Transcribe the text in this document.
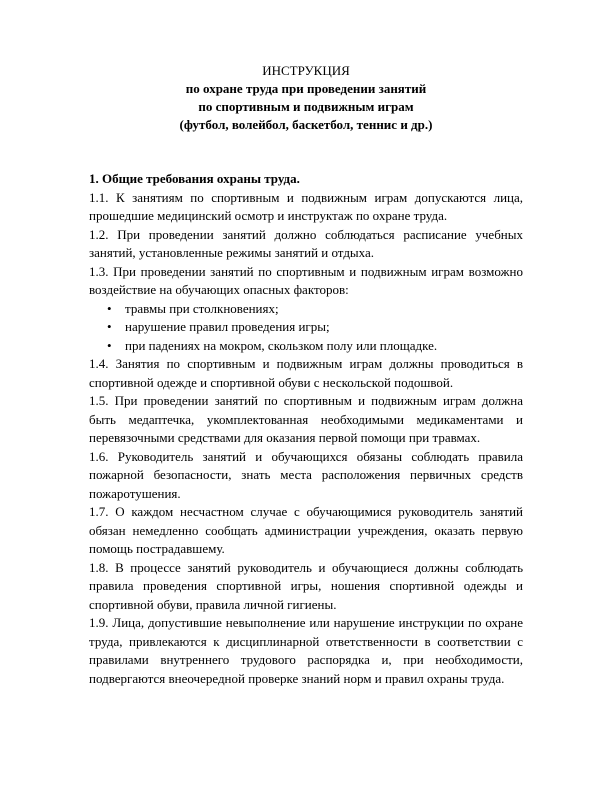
ИНСТРУКЦИЯ
по охране труда при проведении занятий
по спортивным и подвижным играм
(футбол, волейбол, баскетбол, теннис и др.)
1. Общие требования охраны труда.

1.1. К занятиям по спортивным и подвижным играм допускаются лица, прошедшие медицинский осмотр и инструктаж по охране труда.

1.2. При проведении занятий должно соблюдаться расписание учебных занятий, установленные режимы занятий и отдыха.

1.3. При проведении занятий по спортивным и подвижным играм возможно воздействие на обучающих опасных факторов:

• травмы при столкновениях;
• нарушение правил проведения игры;
• при падениях на мокром, скользком полу или площадке.

1.4. Занятия по спортивным и подвижным играм должны проводиться в спортивной одежде и спортивной обуви с нескольской подошвой.

1.5. При проведении занятий по спортивным и подвижным играм должна быть медаптечка, укомплектованная необходимыми медикаментами и перевязочными средствами для оказания первой помощи при травмах.

1.6. Руководитель занятий и обучающихся обязаны соблюдать правила пожарной безопасности, знать места расположения первичных средств пожаротушения.

1.7. О каждом несчастном случае с обучающимися руководитель занятий обязан немедленно сообщать администрации учреждения, оказать первую помощь пострадавшему.

1.8. В процессе занятий руководитель и обучающиеся должны соблюдать правила проведения спортивной игры, ношения спортивной одежды и спортивной обуви, правила личной гигиены.

1.9. Лица, допустившие невыполнение или нарушение инструкции по охране труда, привлекаются к дисциплинарной ответственности в соответствии с правилами внутреннего трудового распорядка и, при необходимости, подвергаются внеочередной проверке знаний норм и правил охраны труда.
